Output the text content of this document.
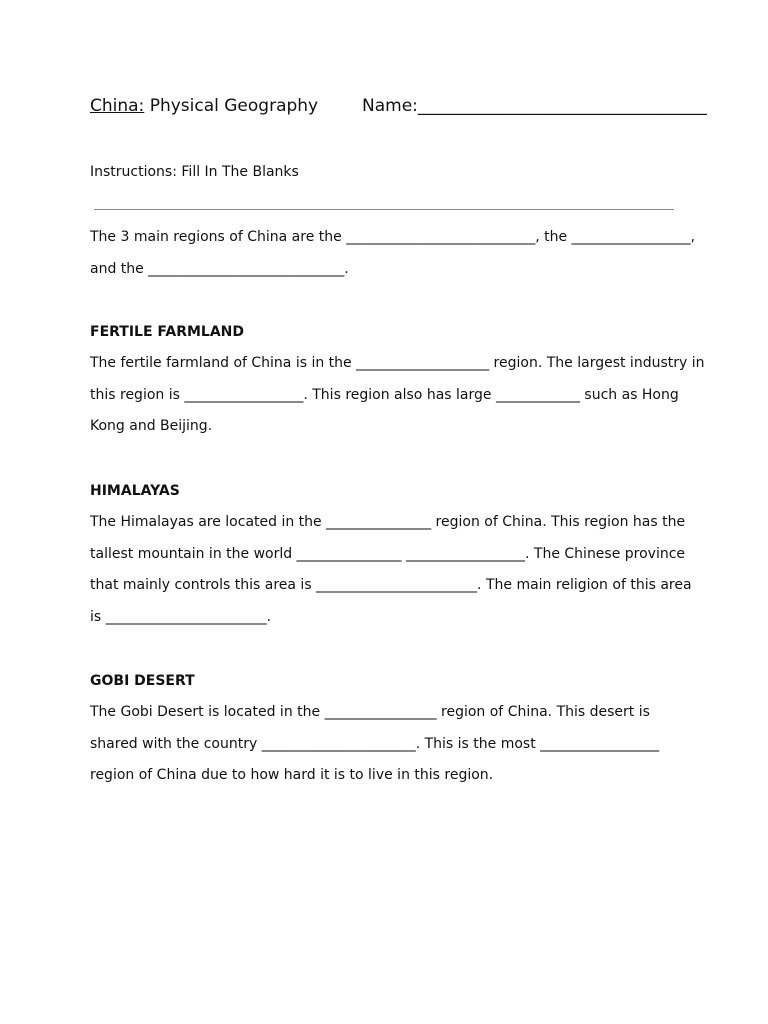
China: Physical Geography	Name:__________________________________
Instructions: Fill In The Blanks
The 3 main regions of China are the ___________________________, the _________________,
and the ____________________________.
FERTILE FARMLAND
The fertile farmland of China is in the ___________________ region. The largest industry in
this region is _________________. This region also has large ____________ such as Hong
Kong and Beijing.
HIMALAYAS
The Himalayas are located in the _______________ region of China. This region has the
tallest mountain in the world _______________ _________________. The Chinese province
that mainly controls this area is _______________________. The main religion of this area
is _______________________.
GOBI DESERT
The Gobi Desert is located in the ________________ region of China. This desert is
shared with the country ______________________. This is the most _________________
region of China due to how hard it is to live in this region.
